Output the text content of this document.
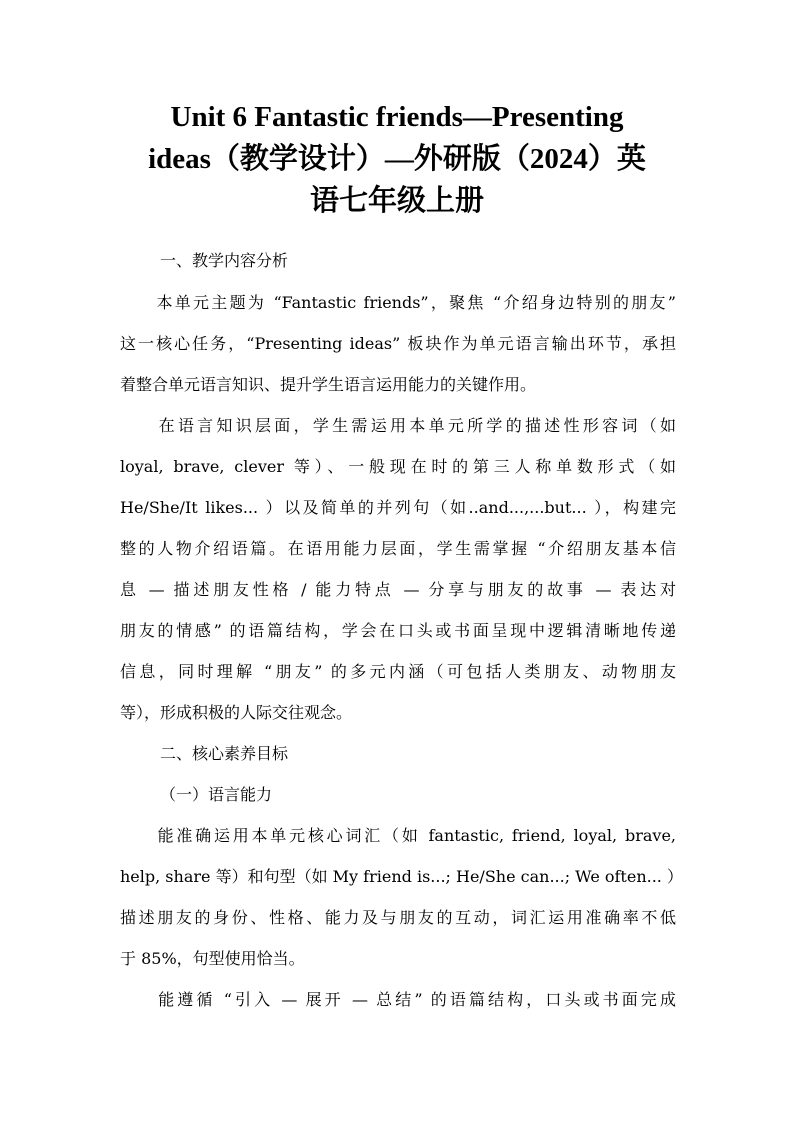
Unit 6 Fantastic friends—Presenting
ideas（教学设计）—外研版（2024）英
语七年级上册

一、教学内容分析

　　本单元主题为 “Fantastic friends”，聚焦 “介绍身边特别的朋友”
这一核心任务，“Presenting ideas” 板块作为单元语言输出环节，承担
着整合单元语言知识、提升学生语言运用能力的关键作用。
　　在语言知识层面，学生需运用本单元所学的描述性形容词（如
loyal, brave, clever 等）、一般现在时的第三人称单数形式（如
He/She/It likes... ）以及简单的并列句（如..and...,...but... ），构建完
整的人物介绍语篇。在语用能力层面，学生需掌握 “介绍朋友基本信
息 — 描述朋友性格 / 能力特点 — 分享与朋友的故事 — 表达对
朋友的情感” 的语篇结构，学会在口头或书面呈现中逻辑清晰地传递
信息，同时理解 “朋友” 的多元内涵（可包括人类朋友、动物朋友
等），形成积极的人际交往观念。

二、核心素养目标

（一）语言能力

　　能准确运用本单元核心词汇（如 fantastic, friend, loyal, brave,
help, share 等）和句型（如 My friend is...; He/She can...; We often... ）
描述朋友的身份、性格、能力及与朋友的互动，词汇运用准确率不低
于 85%，句型使用恰当。
　　能遵循 “引入 — 展开 — 总结” 的语篇结构，口头或书面完成
